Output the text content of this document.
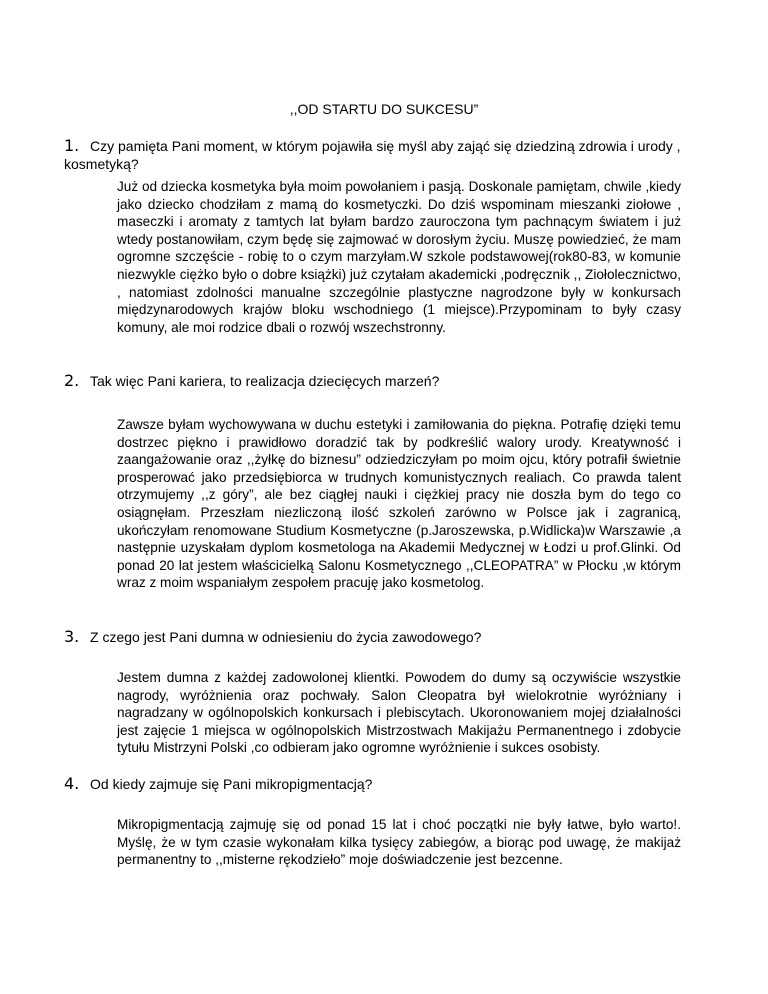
,,OD STARTU DO SUKCESU”
1. Czy pamięta Pani moment, w którym pojawiła się myśl aby zająć się dziedziną zdrowia i urody , kosmetyką?
Już od dziecka kosmetyka była moim powołaniem i pasją. Doskonale pamiętam, chwile ,kiedy jako dziecko chodziłam z mamą do kosmetyczki. Do dziś wspominam mieszanki ziołowe , maseczki i aromaty z tamtych lat byłam bardzo zauroczona tym pachnącym światem i już wtedy postanowiłam, czym będę się zajmować w dorosłym życiu. Muszę powiedzieć, że mam ogromne szczęście - robię to o czym marzyłam.W szkole podstawowej(rok80-83, w komunie niezwykle ciężko było o dobre książki) już czytałam akademicki ,podręcznik ,, Ziołolecznictwo, , natomiast zdolności manualne szczególnie plastyczne nagrodzone były w konkursach międzynarodowych krajów bloku wschodniego (1 miejsce).Przypominam to były czasy komuny, ale moi rodzice dbali o rozwój wszechstronny.
2. Tak więc Pani kariera, to realizacja dziecięcych marzeń?
Zawsze byłam wychowywana w duchu estetyki i zamiłowania do piękna. Potrafię dzięki temu dostrzec piękno i prawidłowo doradzić tak by podkreślić walory urody. Kreatywność i zaangażowanie oraz ,,żyłkę do biznesu” odziedziczyłam po moim ojcu, który potrafił świetnie prosperować jako przedsiębiorca w trudnych komunistycznych realiach. Co prawda talent otrzymujemy ,,z góry”, ale bez ciągłej nauki i ciężkiej pracy nie doszła bym do tego co osiągnęłam. Przeszłam niezliczoną ilość szkoleń zarówno w Polsce jak i zagranicą, ukończyłam renomowane Studium Kosmetyczne (p.Jaroszewska, p.Widlicka)w Warszawie ,a następnie uzyskałam dyplom kosmetologa na Akademii Medycznej w Łodzi u prof.Glinki. Od ponad 20 lat jestem właścicielką Salonu Kosmetycznego ,,CLEOPATRA” w Płocku ,w którym wraz z moim wspaniałym zespołem pracuję jako kosmetolog.
3. Z czego jest Pani dumna w odniesieniu do życia zawodowego?
Jestem dumna z każdej zadowolonej klientki. Powodem do dumy są oczywiście wszystkie nagrody, wyróżnienia oraz pochwały. Salon Cleopatra był wielokrotnie wyróżniany i nagradzany w ogólnopolskich konkursach i plebiscytach. Ukoronowaniem mojej działalności jest zajęcie 1 miejsca w ogólnopolskich Mistrzostwach Makijażu Permanentnego i zdobycie tytułu Mistrzyni Polski ,co odbieram jako ogromne wyróżnienie i sukces osobisty.
4. Od kiedy zajmuje się Pani mikropigmentacją?
Mikropigmentacją zajmuję się od ponad 15 lat i choć początki nie były łatwe, było warto!. Myślę, że w tym czasie wykonałam kilka tysięcy zabiegów, a biorąc pod uwagę, że makijaż permanentny to ,,misterne rękodzieło” moje doświadczenie jest bezcenne.
